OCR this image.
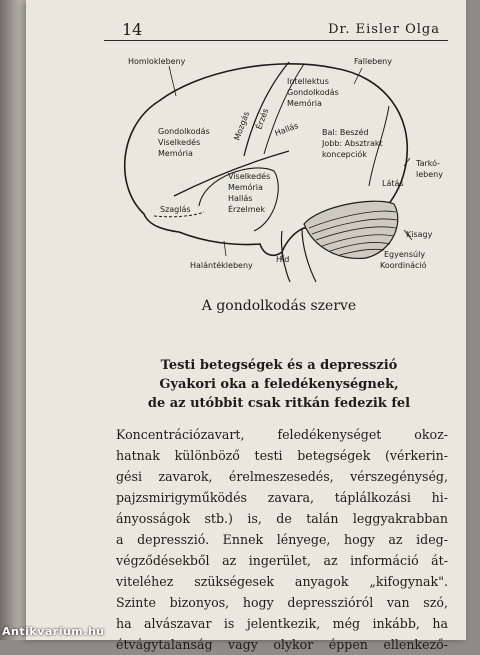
14	Dr. Eisler Olga
Homloklebeny	Fallebeny
Intellektus
Gondolkodás
Memória
Mozgás Érzés Hallás
Gondolkodás
Viselkedés
Memória
Bal: Beszéd
Jobb: Absztrakt
koncepciók
Tarkó-
lebeny
Látás
Viselkedés
Memória
Hallás
Érzelmek
Szaglás
Kisagy
Egyensúly
Koordináció
Híd
Halántéklebeny
A gondolkodás szerve
Testi betegségek és a depresszió
Gyakori oka a feledékenységnek,
de az utóbbit csak ritkán fedezik fel
Koncentrációzavart, feledékenységet okoz-
hatnak különböző testi betegségek (vérkerin-
gési zavarok, érelmeszesedés, vérszegénység,
pajzsmirigyműködés zavara, táplálkozási hi-
ányosságok stb.) is, de talán leggyakrabban
a depresszió. Ennek lényege, hogy az ideg-
végződésekből az ingerület, az információ át-
viteléhez szükségesek anyagok „kifogynak".
Szinte bizonyos, hogy depresszióról van szó,
ha alvászavar is jelentkezik, még inkább, ha
étvágytalanság vagy olykor éppen ellenkező-
Antikvarium.hu
